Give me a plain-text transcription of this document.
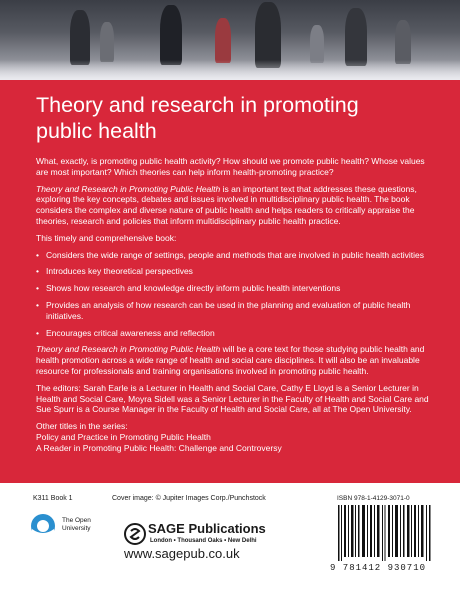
Theory and research in promoting public health

What, exactly, is promoting public health activity? How should we promote public health? Whose values are most important? Which theories can help inform health-promoting practice?

Theory and Research in Promoting Public Health is an important text that addresses these questions, exploring the key concepts, debates and issues involved in multidisciplinary public health. The book considers the complex and diverse nature of public health and helps readers to critically appraise the theories, research and policies that inform multidisciplinary public health practice.

This timely and comprehensive book:

• Considers the wide range of settings, people and methods that are involved in public health activities
• Introduces key theoretical perspectives
• Shows how research and knowledge directly inform public health interventions
• Provides an analysis of how research can be used in the planning and evaluation of public health initiatives.
• Encourages critical awareness and reflection

Theory and Research in Promoting Public Health will be a core text for those studying public health and health promotion across a wide range of health and social care disciplines. It will also be an invaluable resource for professionals and training organisations involved in promoting public health.

The editors: Sarah Earle is a Lecturer in Health and Social Care, Cathy E Lloyd is a Senior Lecturer in Health and Social Care, Moyra Sidell was a Senior Lecturer in the Faculty of Health and Social Care and Sue Spurr is a Course Manager in the Faculty of Health and Social Care, all at The Open University.

Other titles in the series:

Policy and Practice in Promoting Public Health

A Reader in Promoting Public Health: Challenge and Controversy

K311 Book 1
The Open
University
Cover image: © Jupiter Images Corp./Punchstock
SAGE Publications
London • Thousand Oaks • New Delhi
www.sagepub.co.uk
ISBN 978-1-4129-3071-0
9 781412 930710
